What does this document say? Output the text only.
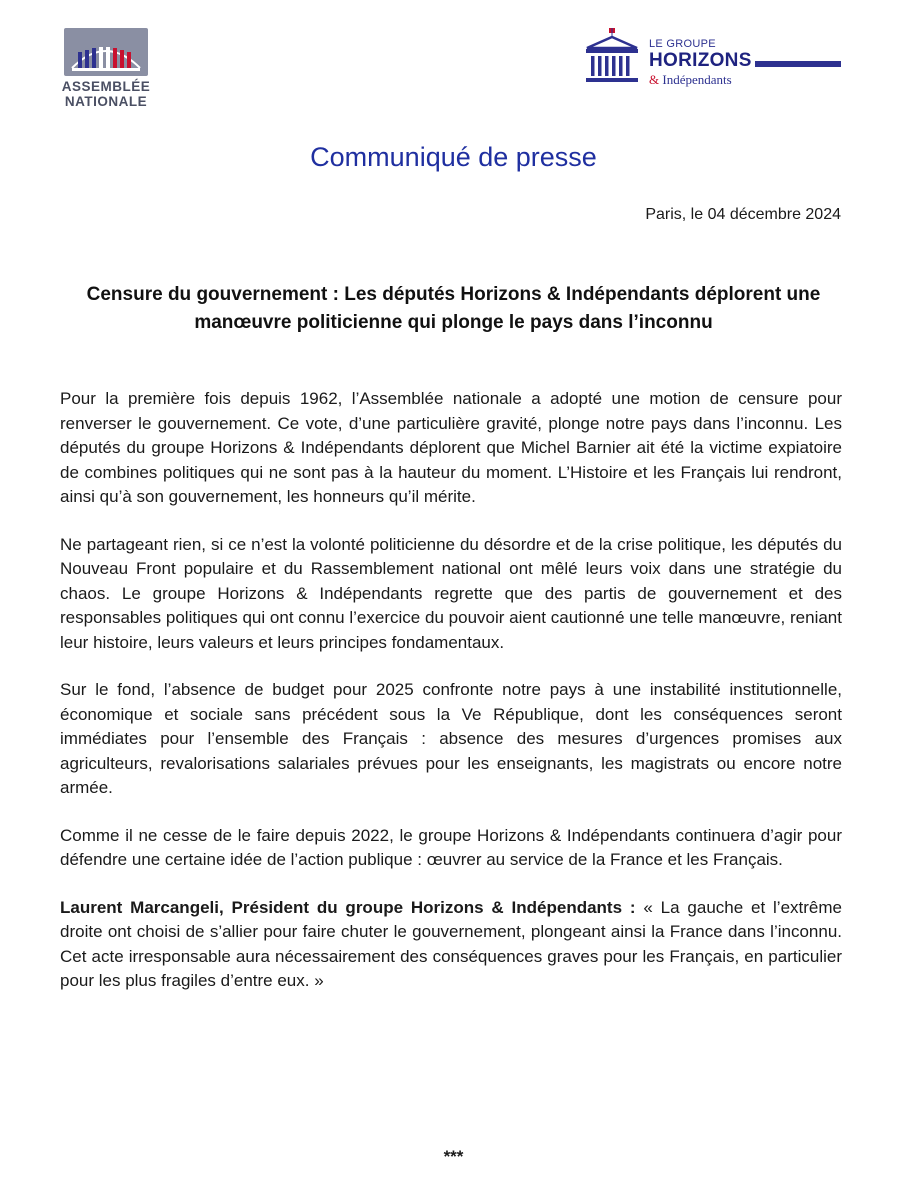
ASSEMBLÉE
NATIONALE
LE GROUPE
HORIZONS
& Indépendants
Communiqué de presse
Paris, le 04 décembre 2024
Censure du gouvernement : Les députés Horizons & Indépendants déplorent une manœuvre politicienne qui plonge le pays dans l’inconnu

Pour la première fois depuis 1962, l’Assemblée nationale a adopté une motion de censure pour renverser le gouvernement. Ce vote, d’une particulière gravité, plonge notre pays dans l’inconnu. Les députés du groupe Horizons & Indépendants déplorent que Michel Barnier ait été la victime expiatoire de combines politiques qui ne sont pas à la hauteur du moment. L’Histoire et les Français lui rendront, ainsi qu’à son gouvernement, les honneurs qu’il mérite.

Ne partageant rien, si ce n’est la volonté politicienne du désordre et de la crise politique, les députés du Nouveau Front populaire et du Rassemblement national ont mêlé leurs voix dans une stratégie du chaos. Le groupe Horizons & Indépendants regrette que des partis de gouvernement et des responsables politiques qui ont connu l’exercice du pouvoir aient cautionné une telle manœuvre, reniant leur histoire, leurs valeurs et leurs principes fondamentaux.

Sur le fond, l’absence de budget pour 2025 confronte notre pays à une instabilité institutionnelle, économique et sociale sans précédent sous la Ve République, dont les conséquences seront immédiates pour l’ensemble des Français : absence des mesures d’urgences promises aux agriculteurs, revalorisations salariales prévues pour les enseignants, les magistrats ou encore notre armée.

Comme il ne cesse de le faire depuis 2022, le groupe Horizons & Indépendants continuera d’agir pour défendre une certaine idée de l’action publique : œuvrer au service de la France et les Français.

Laurent Marcangeli, Président du groupe Horizons & Indépendants : « La gauche et l’extrême droite ont choisi de s’allier pour faire chuter le gouvernement, plongeant ainsi la France dans l’inconnu. Cet acte irresponsable aura nécessairement des conséquences graves pour les Français, en particulier pour les plus fragiles d’entre eux. »

***
